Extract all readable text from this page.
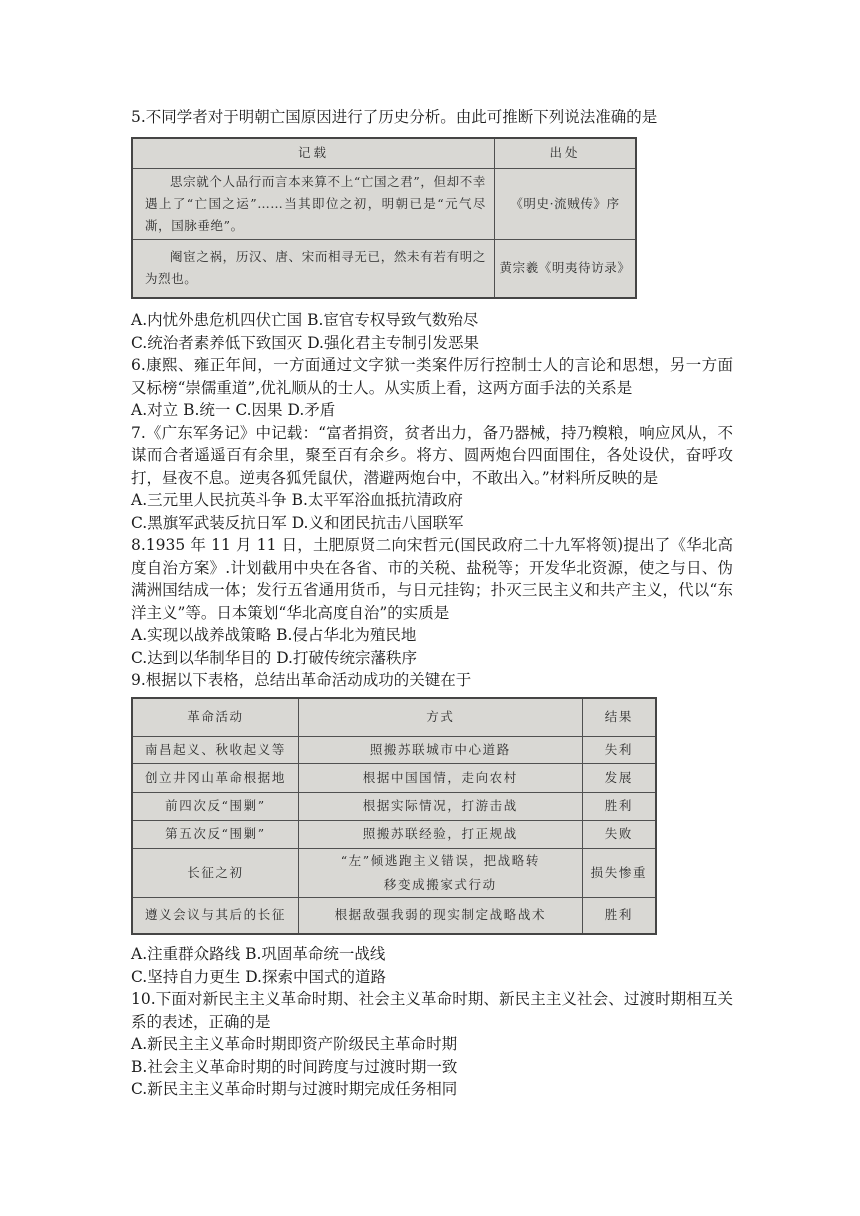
5.不同学者对于明朝亡国原因进行了历史分析。由此可推断下列说法准确的是
记载	出处
思宗就个人品行而言本来算不上“亡国之君”，但却不幸遇上了“亡国之运”……当其即位之初，明朝已是“元气尽凘，国脉垂绝”。	《明史·流贼传》序
阉宦之祸，历汉、唐、宋而相寻无已，然未有若有明之为烈也。	黄宗羲《明夷待访录》
A.内忧外患危机四伏亡国 B.宦官专权导致气数殆尽
C.统治者素养低下致国灭 D.强化君主专制引发恶果
6.康熙、雍正年间，一方面通过文字狱一类案件厉行控制士人的言论和思想，另一方面又标榜“崇儒重道”,优礼顺从的士人。从实质上看，这两方面手法的关系是
A.对立 B.统一 C.因果 D.矛盾
7.《广东军务记》中记载：“富者捐资，贫者出力，备乃器械，持乃糗粮，响应风从，不谋而合者遥遥百有余里，聚至百有余乡。将方、圆两炮台四面围住，各处设伏，奋呼攻打，昼夜不息。逆夷各狐凭鼠伏，潜避两炮台中，不敢出入。”材料所反映的是
A.三元里人民抗英斗争 B.太平军浴血抵抗清政府
C.黑旗军武装反抗日军 D.义和团民抗击八国联军
8.1935 年 11 月 11 日，土肥原贤二向宋哲元(国民政府二十九军将领)提出了《华北高度自治方案》.计划截用中央在各省、市的关税、盐税等；开发华北资源，使之与日、伪满洲国结成一体；发行五省通用货币，与日元挂钩；扑灭三民主义和共产主义，代以“东洋主义”等。日本策划“华北高度自治”的实质是
A.实现以战养战策略 B.侵占华北为殖民地
C.达到以华制华目的 D.打破传统宗藩秩序
9.根据以下表格，总结出革命活动成功的关键在于
革命活动	方式	结果
南昌起义、秋收起义等	照搬苏联城市中心道路	失利
创立井冈山革命根据地	根据中国国情，走向农村	发展
前四次反“围剿”	根据实际情况，打游击战	胜利
第五次反“围剿”	照搬苏联经验，打正规战	失败
长征之初	“左”倾逃跑主义错误，把战略转移变成搬家式行动	损失惨重
遵义会议与其后的长征	根据敌强我弱的现实制定战略战术	胜利
A.注重群众路线 B.巩固革命统一战线
C.坚持自力更生 D.探索中国式的道路
10.下面对新民主主义革命时期、社会主义革命时期、新民主主义社会、过渡时期相互关系的表述，正确的是
A.新民主主义革命时期即资产阶级民主革命时期
B.社会主义革命时期的时间跨度与过渡时期一致
C.新民主主义革命时期与过渡时期完成任务相同
